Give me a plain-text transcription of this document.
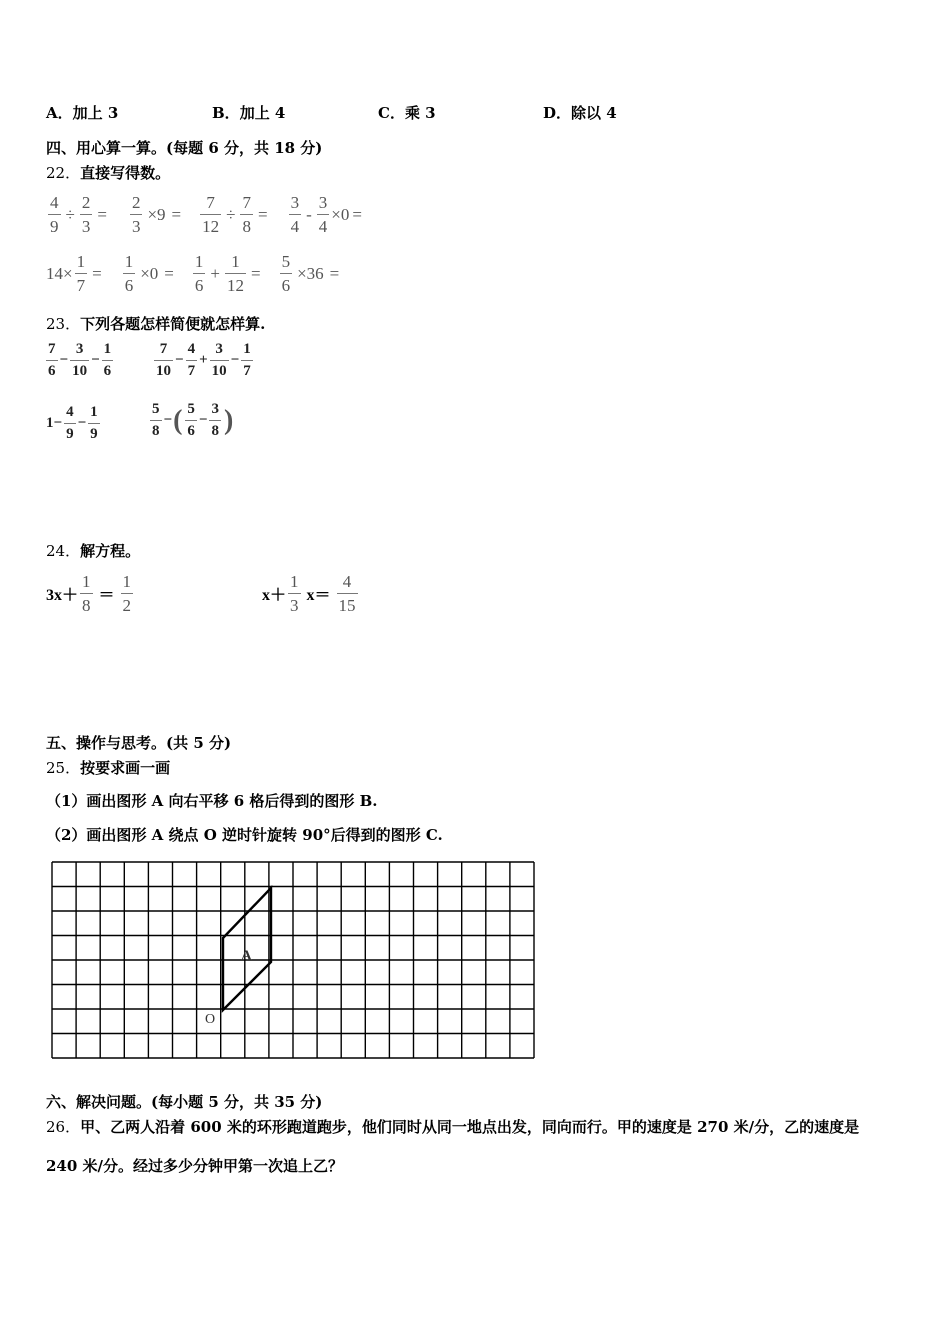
A．加上 3	B．加上 4	C．乘 3	D．除以 4
四、用心算一算。(每题 6 分，共 18 分)
22．直接写得数。
$\frac{4}{9} \div \frac{2}{3} = \frac{2}{3} \times 9 = \frac{7}{12} \div \frac{7}{8} = \frac{3}{4} - \frac{3}{4} \times 0$ =
$14\times \frac{1}{7} = \frac{1}{6} \times 0 = \frac{1}{6} + \frac{1}{12} = \frac{5}{6} \times 36$ =
23．下列各题怎样简便就怎样算.
$\frac{7}{6} - \frac{3}{10} - \frac{1}{6}$	$\frac{7}{10} - \frac{4}{7} + \frac{3}{10} - \frac{1}{7}$
$1 - \frac{4}{9} - \frac{1}{9}$	$\frac{5}{8}$ − ( $\frac{5}{6} - \frac{3}{8}$ )
24．解方程。
$3x+ \frac{1}{8} = \frac{1}{2}$	$x+ \frac{1}{3} x= \frac{4}{15}$
五、操作与思考。(共 5 分)
25．按要求画一画
（1）画出图形 A 向右平移 6 格后得到的图形 B.
（2）画出图形 A 绕点 O 逆时针旋转 90°后得到的图形 C.
A
O
六、解决问题。(每小题 5 分，共 35 分)
26．甲、乙两人沿着 600 米的环形跑道跑步，他们同时从同一地点出发，同向而行。甲的速度是 270 米/分，乙的速度是
240 米/分。经过多少分钟甲第一次追上乙？
